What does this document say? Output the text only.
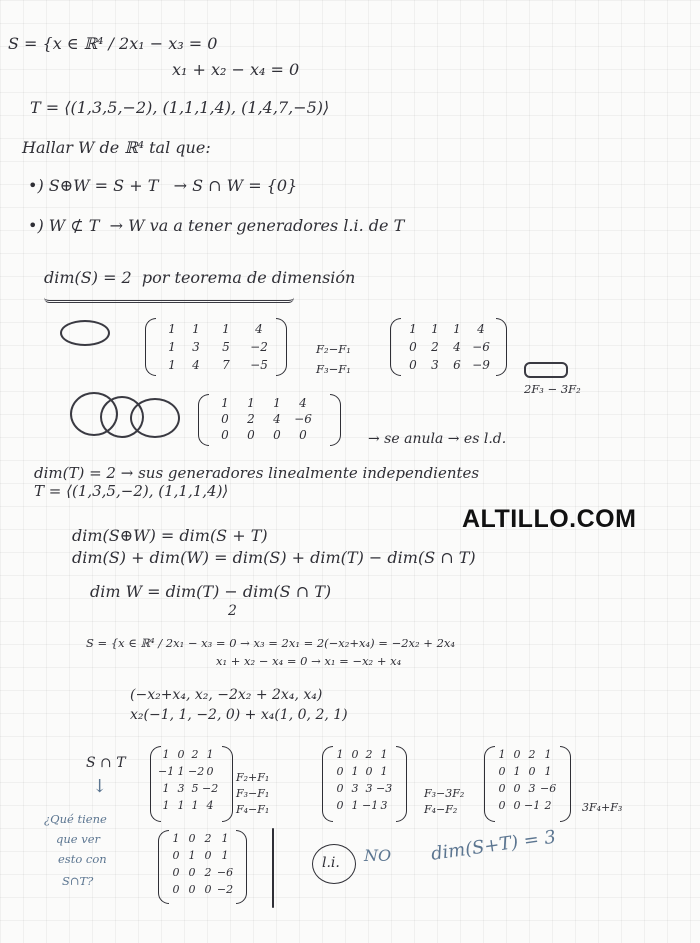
S = {x ∈ ℝ⁴ / 2x₁ − x₃ = 0
x₁ + x₂ − x₄ = 0
T = ⟨(1,3,5,−2), (1,1,1,4), (1,4,7,−5)⟩
Hallar W de ℝ⁴ tal que:
•) S⊕W = S + T   → S ∩ W = {0}
•) W ⊄ T  → W va a tener generadores l.i. de T
dim(S) = 2  por teorema de dimensión
1	1	1	4
1	3	5	−2
1	4	7	−5
F₂−F₁
F₃−F₁
1	1	1	4
0	2	4 −6
0	3	6 −9
2F₃ − 3F₂
1	1	1	4
0	2	4	−6
0	0	0	0	→ se anula → es l.d.
dim(T) = 2 → sus generadores linealmente independientes
T = ⟨(1,3,5,−2), (1,1,1,4)⟩
ALTILLO.COM
dim(S⊕W) = dim(S + T)
dim(S) + dim(W) = dim(S) + dim(T) − dim(S ∩ T)
dim W = dim(T) − dim(S ∩ T)
2
S = {x ∈ ℝ⁴ / 2x₁ − x₃ = 0 → x₃ = 2x₁ = 2(−x₂+x₄) = −2x₂ + 2x₄
x₁ + x₂ − x₄ = 0 → x₁ = −x₂ + x₄
(−x₂+x₄, x₂, −2x₂ + 2x₄, x₄)
x₂(−1, 1, −2, 0) + x₄(1, 0, 2, 1)
S ∩ T
↓
1 0 2 1
−1 1 −2 0
1 3 5 −2
1 1 1 4
F₂+F₁
F₃−F₁
F₄−F₁
1 0 2 1
0 1 0 1
0 3 3 −3
0 1 −1 3
F₃−3F₂
F₄−F₂
1 0 2 1
0 1 0 1
0 0 3 −6
0 0 −1 2	3F₄+F₃
¿Qué tiene
que ver
esto con
S∩T?
1 0 2 1
0 1 0 1
0 0 2 −6
0 0 0 −2
l.i. NO dim(S+T) = 3
